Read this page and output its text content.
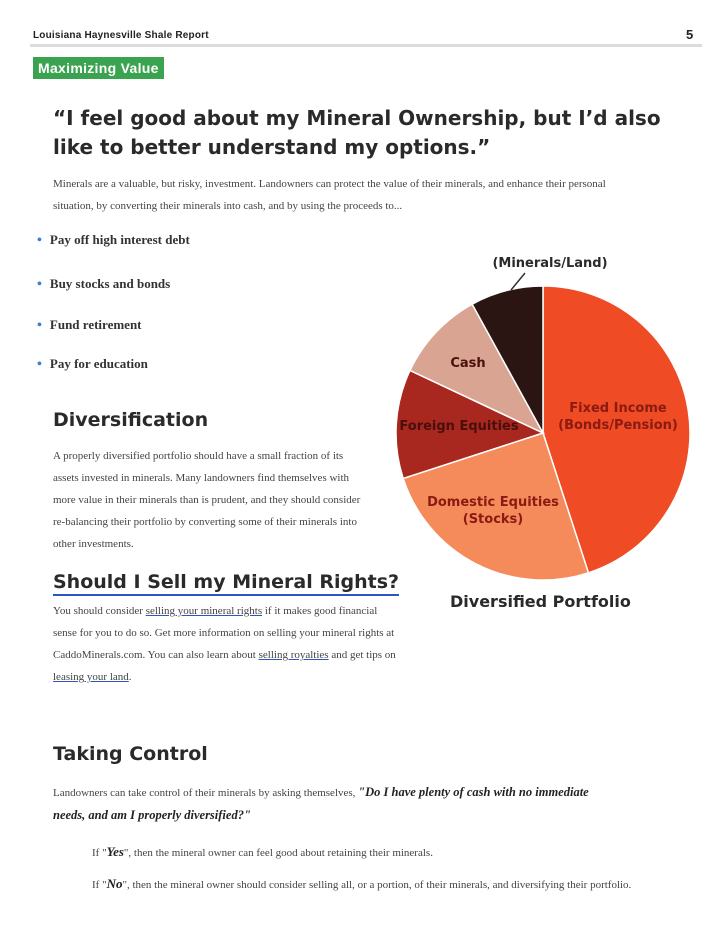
Louisiana Haynesville Shale Report	5
Maximizing Value
“I feel good about my Mineral Ownership, but I’d also
like to better understand my options.”
Minerals are a valuable, but risky, investment. Landowners can protect the value of their minerals, and enhance their personal
situation, by converting their minerals into cash, and by using the proceeds to...
• Pay off high interest debt
• Buy stocks and bonds
• Fund retirement
• Pay for education
Diversification
A properly diversified portfolio should have a small fraction of its
assets invested in minerals. Many landowners find themselves with
more value in their minerals than is prudent, and they should consider
re-balancing their portfolio by converting some of their minerals into
other investments.
Should I Sell my Mineral Rights?
You should consider selling your mineral rights if it makes good financial
sense for you to do so. Get more information on selling your mineral rights at
CaddoMinerals.com. You can also learn about selling royalties and get tips on
leasing your land.
Taking Control
Landowners can take control of their minerals by asking themselves, "Do I have plenty of cash with no immediate
needs, and am I properly diversified?"
If "Yes", then the mineral owner can feel good about retaining their minerals.
If "No", then the mineral owner should consider selling all, or a portion, of their minerals, and diversifying their portfolio.
Fixed Income (Bonds/Pension)
Domestic Equities (Stocks)
Foreign Equities
Cash
(Minerals/Land)
Diversified Portfolio
